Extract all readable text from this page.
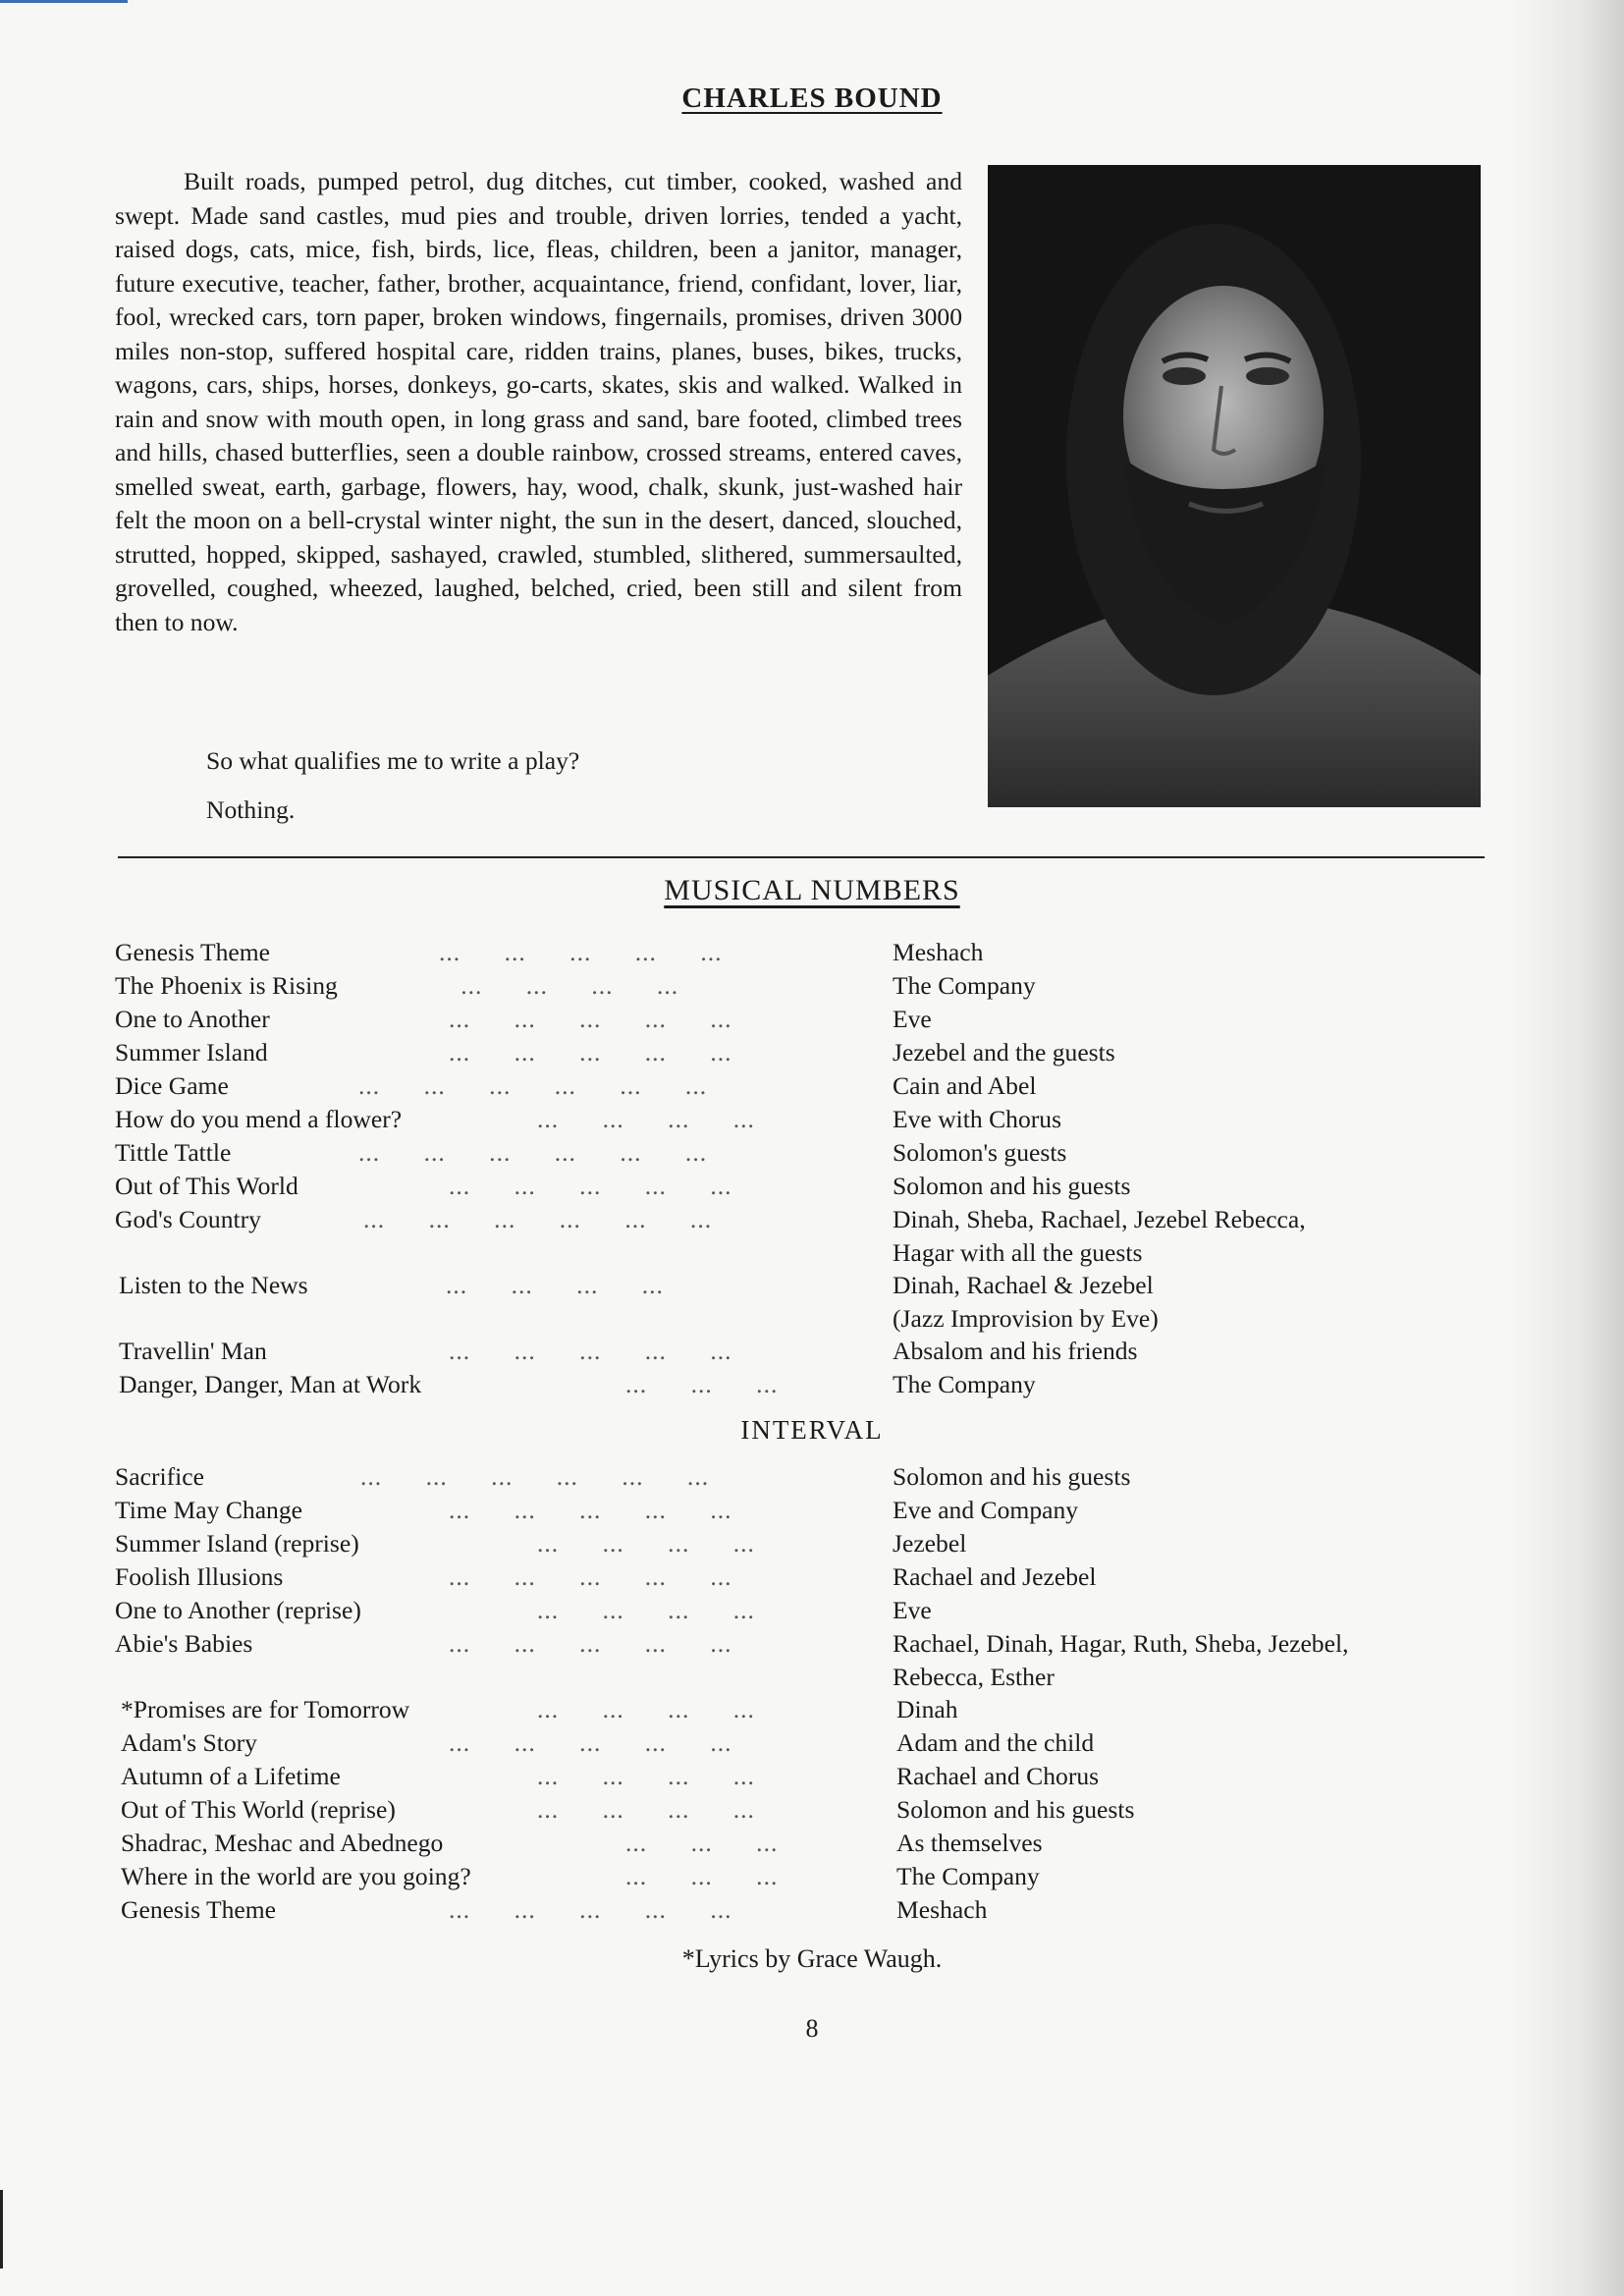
CHARLES BOUND

Built roads, pumped petrol, dug ditches, cut timber, cooked, washed and swept. Made sand castles, mud pies and trouble, driven lorries, tended a yacht, raised dogs, cats, mice, fish, birds, lice, fleas, children, been a janitor, manager, future executive, teacher, father, brother, acquaintance, friend, confidant, lover, liar, fool, wrecked cars, torn paper, broken windows, fingernails, promises, driven 3000 miles non-stop, suffered hospital care, ridden trains, planes, buses, bikes, trucks, wagons, cars, ships, horses, donkeys, go-carts, skates, skis and walked. Walked in rain and snow with mouth open, in long grass and sand, bare footed, climbed trees and hills, chased butterflies, seen a double rainbow, crossed streams, entered caves, smelled sweat, earth, garbage, flowers, hay, wood, chalk, skunk, just-washed hair felt the moon on a bell-crystal winter night, the sun in the desert, danced, slouched, strutted, hopped, skipped, sashayed, crawled, stumbled, slithered, summersaulted, grovelled, coughed, wheezed, laughed, belched, cried, been still and silent from then to now.

So what qualifies me to write a play?
Nothing.
MUSICAL NUMBERS
...      ...      ...      ...      ...
Genesis Theme	Meshach
...      ...      ...      ...
The Phoenix is Rising	The Company
...      ...      ...      ...      ...
One to Another	Eve
...      ...      ...      ...      ...
Summer Island	Jezebel and the guests
...      ...      ...      ...      ...      ...
Dice Game	Cain and Abel
...      ...      ...      ...
How do you mend a flower?	Eve with Chorus
...      ...      ...      ...      ...      ...
Tittle Tattle	Solomon's guests
...      ...      ...      ...      ...
Out of This World	Solomon and his guests
...      ...      ...      ...      ...      ...
God's Country	Dinah, Sheba, Rachael, Jezebel Rebecca,
Hagar with all the guests
...      ...      ...      ...
Listen to the News	Dinah, Rachael & Jezebel
(Jazz Improvision by Eve)
...      ...      ...      ...      ...
Travellin' Man	Absalom and his friends
...      ...      ...
Danger, Danger, Man at Work	The Company
INTERVAL
...      ...      ...      ...      ...      ...
Sacrifice	Solomon and his guests
...      ...      ...      ...      ...
Time May Change	Eve and Company
...      ...      ...      ...
Summer Island (reprise)	Jezebel
...      ...      ...      ...      ...
Foolish Illusions	Rachael and Jezebel
...      ...      ...      ...
One to Another (reprise)	Eve
...      ...      ...      ...      ...
Abie's Babies	Rachael, Dinah, Hagar, Ruth, Sheba, Jezebel,
Rebecca, Esther
...      ...      ...      ...
*Promises are for Tomorrow	Dinah
...      ...      ...      ...      ...
Adam's Story	Adam and the child
...      ...      ...      ...
Autumn of a Lifetime	Rachael and Chorus
...      ...      ...      ...
Out of This World (reprise)	Solomon and his guests
...      ...      ...
Shadrac, Meshac and Abednego	As themselves
...      ...      ...
Where in the world are you going?	The Company
...      ...      ...      ...      ...
Genesis Theme	Meshach
*Lyrics by Grace Waugh.
8
